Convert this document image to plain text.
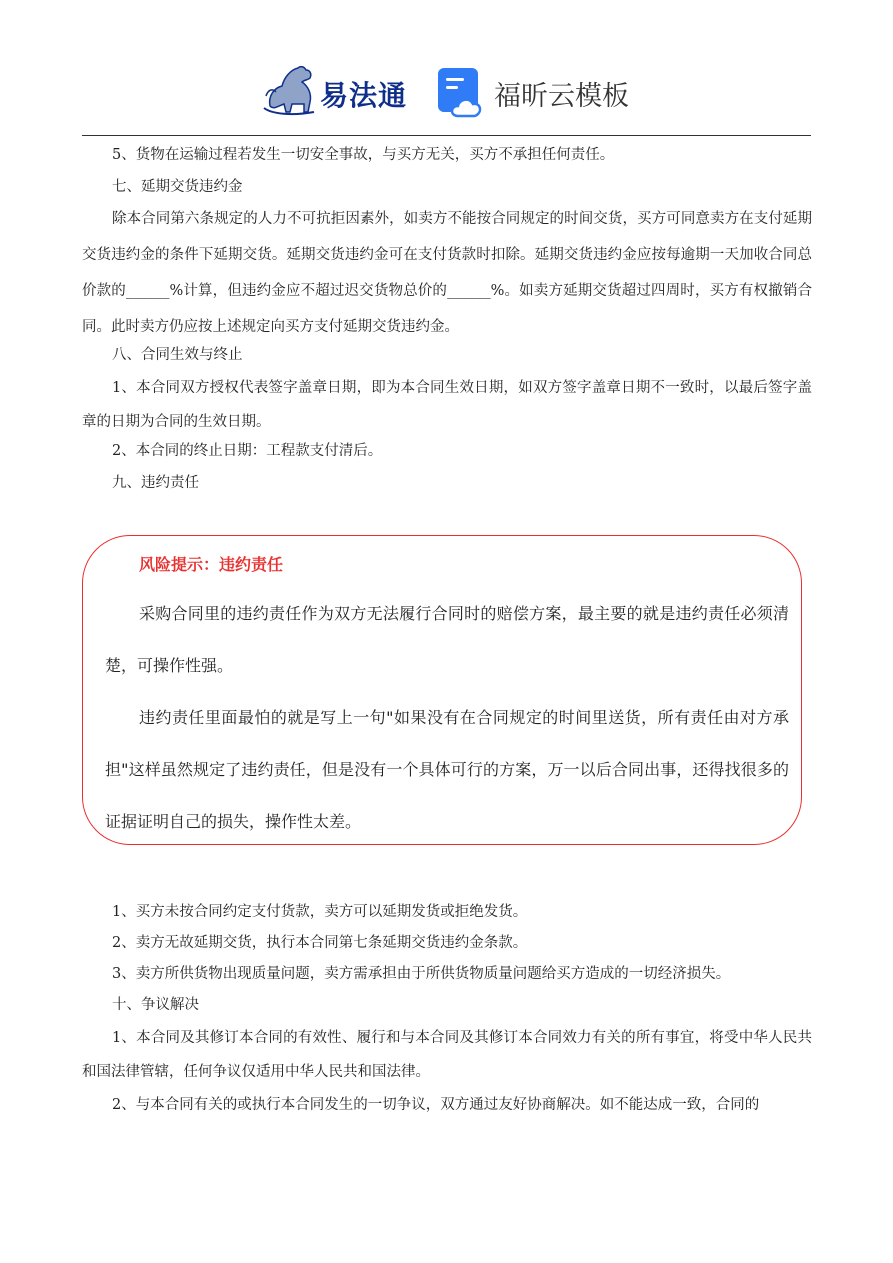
易法通	福昕云模板
5、货物在运输过程若发生一切安全事故，与买方无关，买方不承担任何责任。
七、延期交货违约金
除本合同第六条规定的人力不可抗拒因素外，如卖方不能按合同规定的时间交货，买方可同意卖方在支付延期交货违约金的条件下延期交货。延期交货违约金可在支付货款时扣除。延期交货违约金应按每逾期一天加收合同总价款的______%计算，但违约金应不超过迟交货物总价的______%。如卖方延期交货超过四周时，买方有权撤销合同。此时卖方仍应按上述规定向买方支付延期交货违约金。
八、合同生效与终止
1、本合同双方授权代表签字盖章日期，即为本合同生效日期，如双方签字盖章日期不一致时，以最后签字盖章的日期为合同的生效日期。
2、本合同的终止日期：工程款支付清后。
九、违约责任
风险提示：违约责任
采购合同里的违约责任作为双方无法履行合同时的赔偿方案，最主要的就是违约责任必须清楚，可操作性强。
违约责任里面最怕的就是写上一句"如果没有在合同规定的时间里送货，所有责任由对方承担"这样虽然规定了违约责任，但是没有一个具体可行的方案，万一以后合同出事，还得找很多的证据证明自己的损失，操作性太差。
1、买方未按合同约定支付货款，卖方可以延期发货或拒绝发货。
2、卖方无故延期交货，执行本合同第七条延期交货违约金条款。
3、卖方所供货物出现质量问题，卖方需承担由于所供货物质量问题给买方造成的一切经济损失。
十、争议解决
1、本合同及其修订本合同的有效性、履行和与本合同及其修订本合同效力有关的所有事宜，将受中华人民共和国法律管辖，任何争议仅适用中华人民共和国法律。
2、与本合同有关的或执行本合同发生的一切争议，双方通过友好协商解决。如不能达成一致，合同的
